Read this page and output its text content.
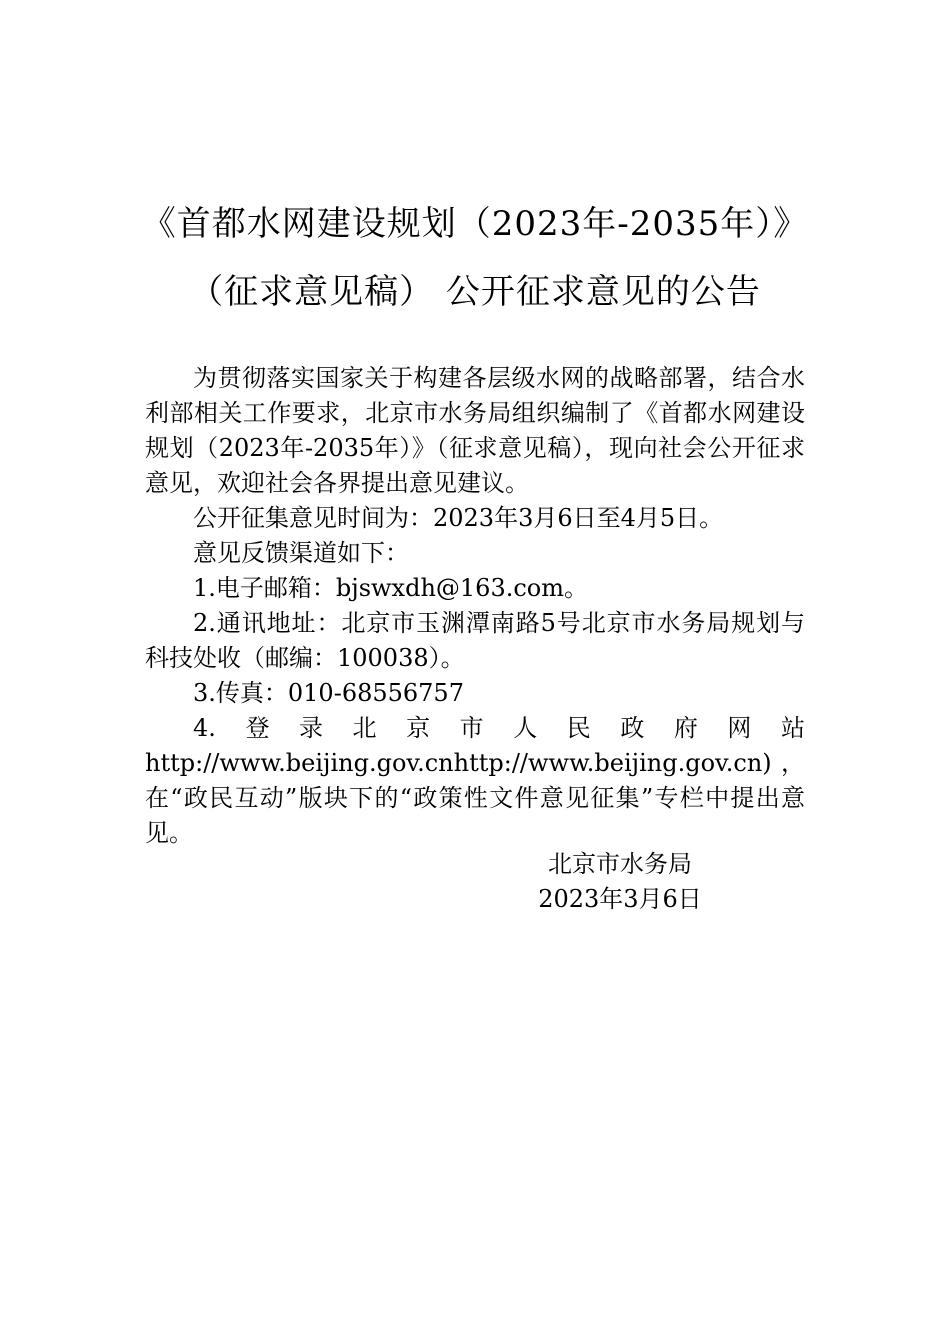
《首都水网建设规划（2023年-2035年）》
（征求意见稿） 公开征求意见的公告

为贯彻落实国家关于构建各层级水网的战略部署，结合水利部相关工作要求，北京市水务局组织编制了《首都水网建设规划（2023年-2035年）》（征求意见稿），现向社会公开征求意见，欢迎社会各界提出意见建议。

公开征集意见时间为：2023年3月6日至4月5日。

意见反馈渠道如下：

1.电子邮箱：bjswxdh@163.com。

2.通讯地址：北京市玉渊潭南路5号北京市水务局规划与科技处收（邮编：100038）。

3.传真：010-68556757

4.登录北京市人民政府网站 http://www.beijing.gov.cnhttp://www.beijing.gov.cn)，在“政民互动”版块下的“政策性文件意见征集”专栏中提出意见。

北京市水务局
2023年3月6日
